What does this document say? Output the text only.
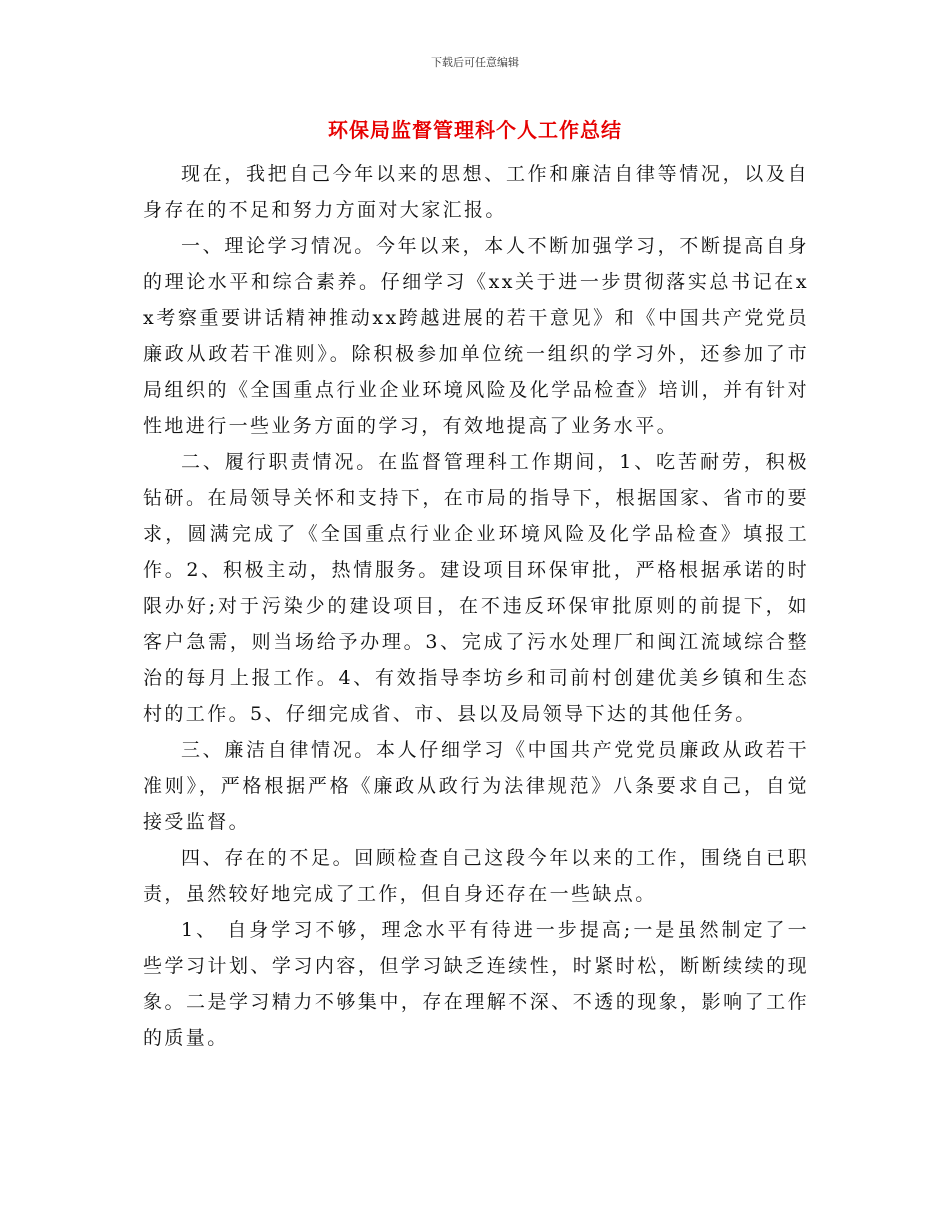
下载后可任意编辑
环保局监督管理科个人工作总结

现在，我把自己今年以来的思想、工作和廉洁自律等情况，以及自身存在的不足和努力方面对大家汇报。

一、理论学习情况。今年以来，本人不断加强学习，不断提高自身的理论水平和综合素养。仔细学习《xx关于进一步贯彻落实总书记在xx考察重要讲话精神推动xx跨越进展的若干意见》和《中国共产党党员廉政从政若干准则》。除积极参加单位统一组织的学习外，还参加了市局组织的《全国重点行业企业环境风险及化学品检查》培训，并有针对性地进行一些业务方面的学习，有效地提高了业务水平。

二、履行职责情况。在监督管理科工作期间，1、吃苦耐劳，积极钻研。在局领导关怀和支持下，在市局的指导下，根据国家、省市的要求，圆满完成了《全国重点行业企业环境风险及化学品检查》填报工作。2、积极主动，热情服务。建设项目环保审批，严格根据承诺的时限办好;对于污染少的建设项目，在不违反环保审批原则的前提下，如客户急需，则当场给予办理。3、完成了污水处理厂和闽江流域综合整治的每月上报工作。4、有效指导李坊乡和司前村创建优美乡镇和生态村的工作。5、仔细完成省、市、县以及局领导下达的其他任务。

三、廉洁自律情况。本人仔细学习《中国共产党党员廉政从政若干准则》，严格根据严格《廉政从政行为法律规范》八条要求自己，自觉接受监督。

四、存在的不足。回顾检查自己这段今年以来的工作，围绕自已职责，虽然较好地完成了工作，但自身还存在一些缺点。

1、 自身学习不够，理念水平有待进一步提高;一是虽然制定了一些学习计划、学习内容，但学习缺乏连续性，时紧时松，断断续续的现象。二是学习精力不够集中，存在理解不深、不透的现象，影响了工作的质量。
